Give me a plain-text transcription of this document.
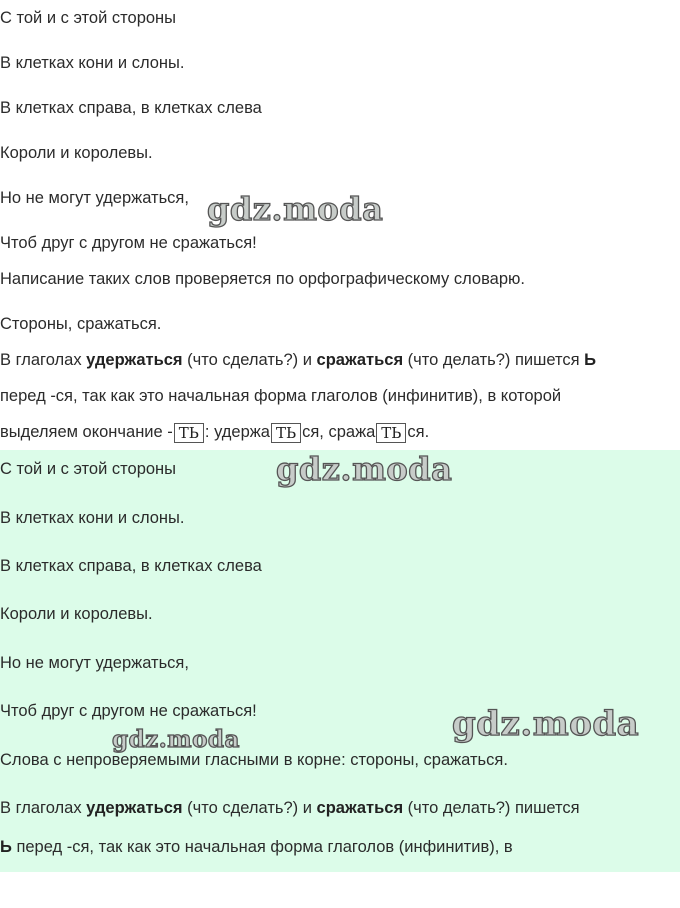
С той и с этой стороны
В клетках кони и слоны.
В клетках справа, в клетках слева
Короли и королевы.
Но не могут удержаться,
Чтоб друг с другом не сражаться!
Написание таких слов проверяется по орфографическому словарю.
Стороны, сражаться.
В глаголах удержаться (что сделать?) и сражаться (что делать?) пишется Ь
перед -ся, так как это начальная форма глаголов (инфинитив), в которой
выделяем окончание - ТЬ : удержа ТЬ ся, сража ТЬ ся.
С той и с этой стороны
В клетках кони и слоны.
В клетках справа, в клетках слева
Короли и королевы.
Но не могут удержаться,
Чтоб друг с другом не сражаться!
Слова с непроверяемыми гласными в корне: стороны, сражаться.
В глаголах удержаться (что сделать?) и сражаться (что делать?) пишется
Ь перед -ся, так как это начальная форма глаголов (инфинитив), в
gdz.moda
gdz.moda
gdz.moda
gdz.moda
